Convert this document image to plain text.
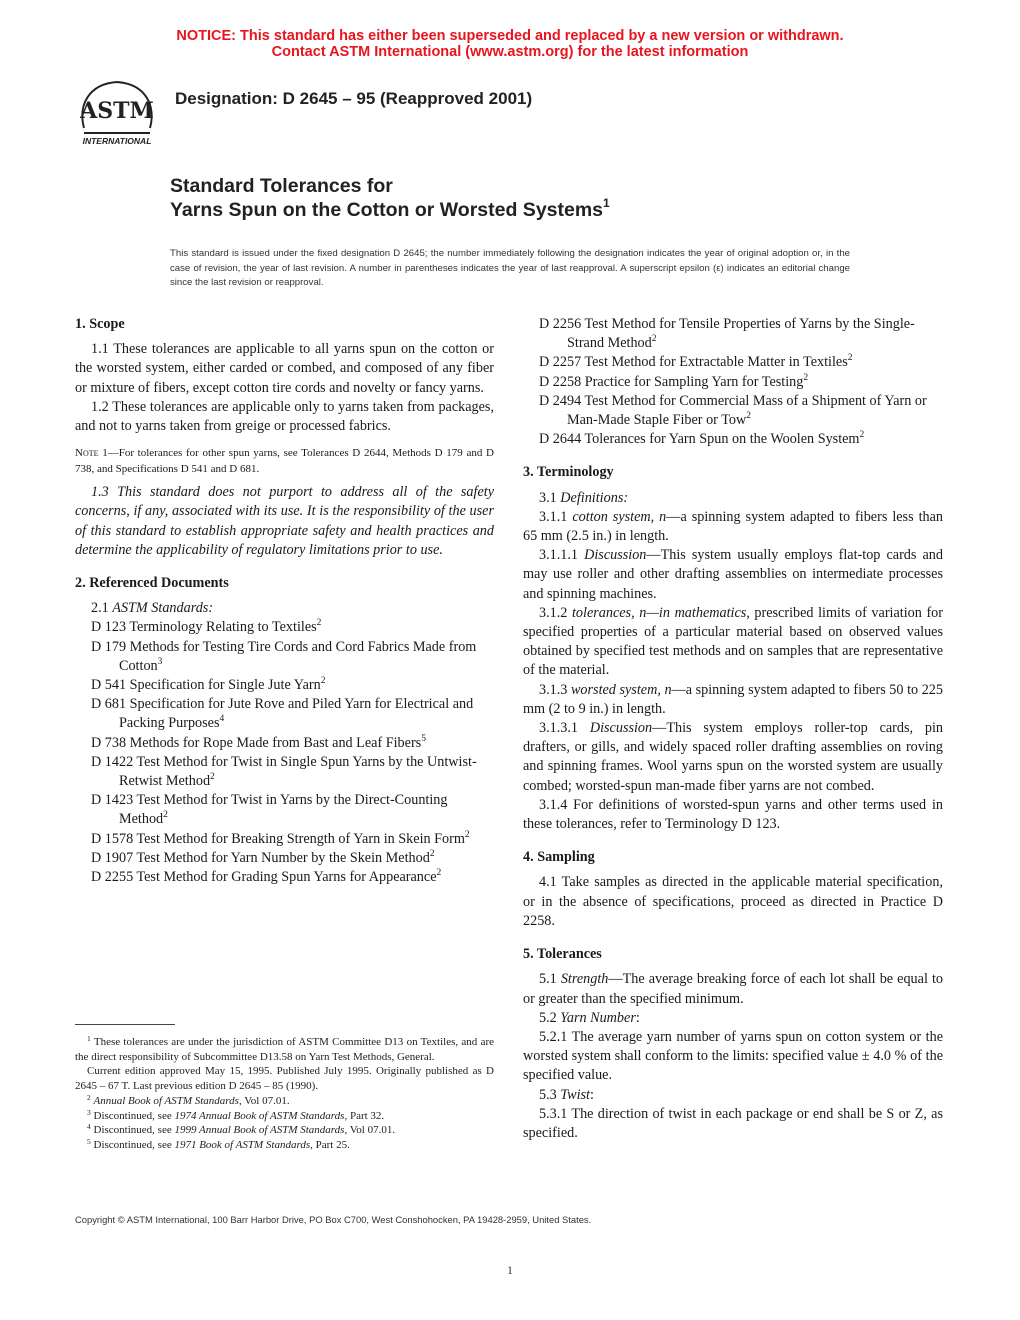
NOTICE: This standard has either been superseded and replaced by a new version or withdrawn.
Contact ASTM International (www.astm.org) for the latest information
ASTM
INTERNATIONAL
Designation: D 2645 – 95 (Reapproved 2001)
Standard Tolerances for
Yarns Spun on the Cotton or Worsted Systems$^1$
This standard is issued under the fixed designation D 2645; the number immediately following the designation indicates the year of original adoption or, in the case of revision, the year of last revision. A number in parentheses indicates the year of last reapproval. A superscript epsilon (ε) indicates an editorial change since the last revision or reapproval.
1. Scope
1.1 These tolerances are applicable to all yarns spun on the cotton or the worsted system, either carded or combed, and composed of any fiber or mixture of fibers, except cotton tire cords and novelty or fancy yarns.
1.2 These tolerances are applicable only to yarns taken from packages, and not to yarns taken from greige or processed fabrics.
Note 1—For tolerances for other spun yarns, see Tolerances D 2644, Methods D 179 and D 738, and Specifications D 541 and D 681.
1.3 This standard does not purport to address all of the safety concerns, if any, associated with its use. It is the responsibility of the user of this standard to establish appropriate safety and health practices and determine the applicability of regulatory limitations prior to use.
2. Referenced Documents
2.1 ASTM Standards:
D 123 Terminology Relating to Textiles$^2$
D 179 Methods for Testing Tire Cords and Cord Fabrics Made from Cotton$^3$
D 541 Specification for Single Jute Yarn$^2$
D 681 Specification for Jute Rove and Piled Yarn for Electrical and Packing Purposes$^4$
D 738 Methods for Rope Made from Bast and Leaf Fibers$^5$
D 1422 Test Method for Twist in Single Spun Yarns by the Untwist-Retwist Method$^2$
D 1423 Test Method for Twist in Yarns by the Direct-Counting Method$^2$
D 1578 Test Method for Breaking Strength of Yarn in Skein Form$^2$
D 1907 Test Method for Yarn Number by the Skein Method$^2$
D 2255 Test Method for Grading Spun Yarns for Appearance$^2$
$^1$ These tolerances are under the jurisdiction of ASTM Committee D13 on Textiles, and are the direct responsibility of Subcommittee D13.58 on Yarn Test Methods, General.
Current edition approved May 15, 1995. Published July 1995. Originally published as D 2645 – 67 T. Last previous edition D 2645 – 85 (1990).
$^2$ Annual Book of ASTM Standards, Vol 07.01.
$^3$ Discontinued, see 1974 Annual Book of ASTM Standards, Part 32.
$^4$ Discontinued, see 1999 Annual Book of ASTM Standards, Vol 07.01.
$^5$ Discontinued, see 1971 Book of ASTM Standards, Part 25.
D 2256 Test Method for Tensile Properties of Yarns by the Single-Strand Method$^2$
D 2257 Test Method for Extractable Matter in Textiles$^2$
D 2258 Practice for Sampling Yarn for Testing$^2$
D 2494 Test Method for Commercial Mass of a Shipment of Yarn or Man-Made Staple Fiber or Tow$^2$
D 2644 Tolerances for Yarn Spun on the Woolen System$^2$
3. Terminology
3.1 Definitions:
3.1.1 cotton system, n—a spinning system adapted to fibers less than 65 mm (2.5 in.) in length.
3.1.1.1 Discussion—This system usually employs flat-top cards and may use roller and other drafting assemblies on intermediate processes and spinning machines.
3.1.2 tolerances, n—in mathematics, prescribed limits of variation for specified properties of a particular material based on observed values obtained by specified test methods and on samples that are representative of the material.
3.1.3 worsted system, n—a spinning system adapted to fibers 50 to 225 mm (2 to 9 in.) in length.
3.1.3.1 Discussion—This system employs roller-top cards, pin drafters, or gills, and widely spaced roller drafting assemblies on roving and spinning frames. Wool yarns spun on the worsted system are usually combed; worsted-spun man-made fiber yarns are not combed.
3.1.4 For definitions of worsted-spun yarns and other terms used in these tolerances, refer to Terminology D 123.
4. Sampling
4.1 Take samples as directed in the applicable material specification, or in the absence of specifications, proceed as directed in Practice D 2258.
5. Tolerances
5.1 Strength—The average breaking force of each lot shall be equal to or greater than the specified minimum.
5.2 Yarn Number:
5.2.1 The average yarn number of yarns spun on cotton system or the worsted system shall conform to the limits: specified value ± 4.0 % of the specified value.
5.3 Twist:
5.3.1 The direction of twist in each package or end shall be S or Z, as specified.
Copyright © ASTM International, 100 Barr Harbor Drive, PO Box C700, West Conshohocken, PA 19428-2959, United States.
1
